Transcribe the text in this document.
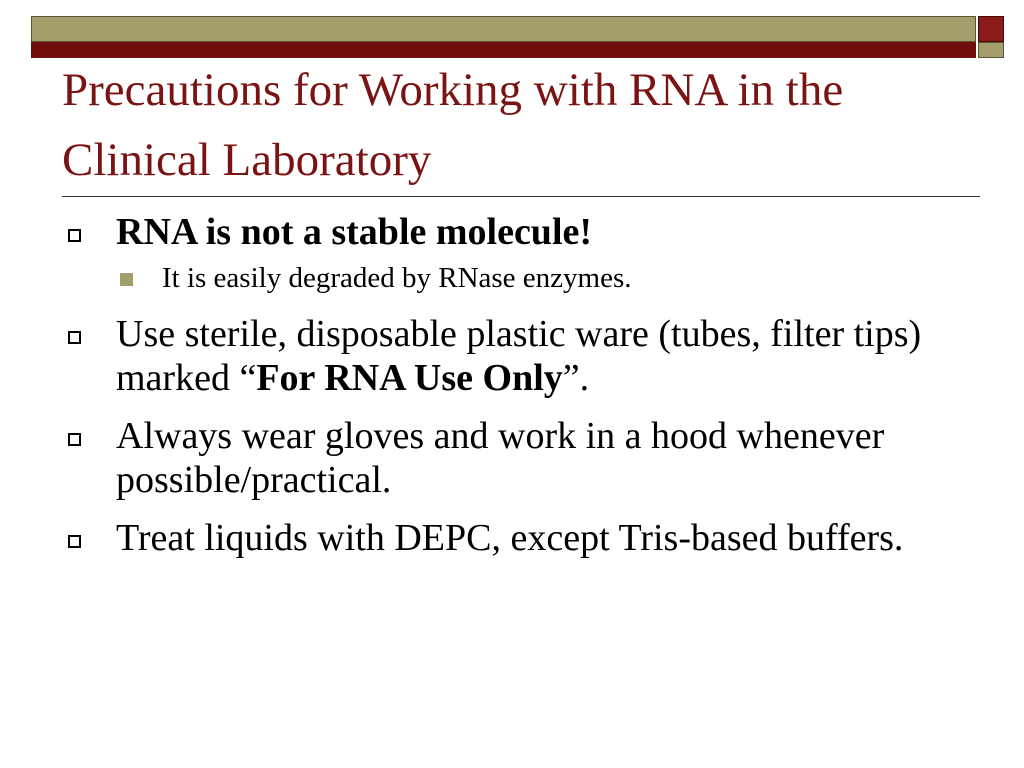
Precautions for Working with RNA in the Clinical Laboratory
RNA is not a stable molecule!
It is easily degraded by RNase enzymes.
Use sterile, disposable plastic ware (tubes, filter tips) marked “For RNA Use Only”.
Always wear gloves and work in a hood whenever possible/practical.
Treat liquids with DEPC, except Tris-based buffers.
